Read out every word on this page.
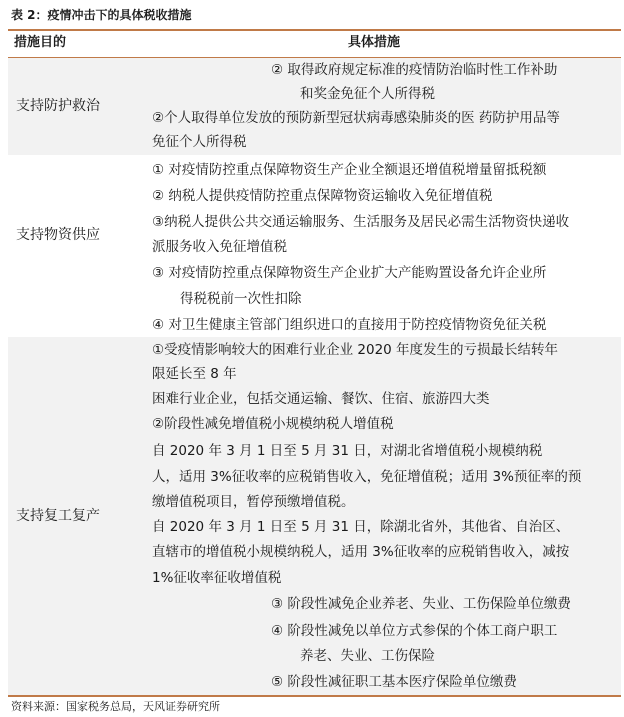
表 2：疫情冲击下的具体税收措施
措施目的	具体措施
支持防护救治
② 取得政府规定标准的疫情防治临时性工作补助
和奖金免征个人所得税
②个人取得单位发放的预防新型冠状病毒感染肺炎的医 药防护用品等
免征个人所得税
支持物资供应
① 对疫情防控重点保障物资生产企业全额退还增值税增量留抵税额
② 纳税人提供疫情防控重点保障物资运输收入免征增值税
③纳税人提供公共交通运输服务、生活服务及居民必需生活物资快递收
派服务收入免征增值税
③ 对疫情防控重点保障物资生产企业扩大产能购置设备允许企业所
得税税前一次性扣除
④ 对卫生健康主管部门组织进口的直接用于防控疫情物资免征关税
支持复工复产
①受疫情影响较大的困难行业企业 2020 年度发生的亏损最长结转年
限延长至 8 年
困难行业企业，包括交通运输、餐饮、住宿、旅游四大类
②阶段性减免增值税小规模纳税人增值税
自 2020 年 3 月 1 日至 5 月 31 日，对湖北省增值税小规模纳税
人，适用 3%征收率的应税销售收入，免征增值税；适用 3%预征率的预
缴增值税项目，暂停预缴增值税。
自 2020 年 3 月 1 日至 5 月 31 日，除湖北省外，其他省、自治区、
直辖市的增值税小规模纳税人，适用 3%征收率的应税销售收入，减按
1%征收率征收增值税
③ 阶段性减免企业养老、失业、工伤保险单位缴费
④ 阶段性减免以单位方式参保的个体工商户职工
养老、失业、工伤保险
⑤ 阶段性减征职工基本医疗保险单位缴费
资料来源：国家税务总局，天风证券研究所
